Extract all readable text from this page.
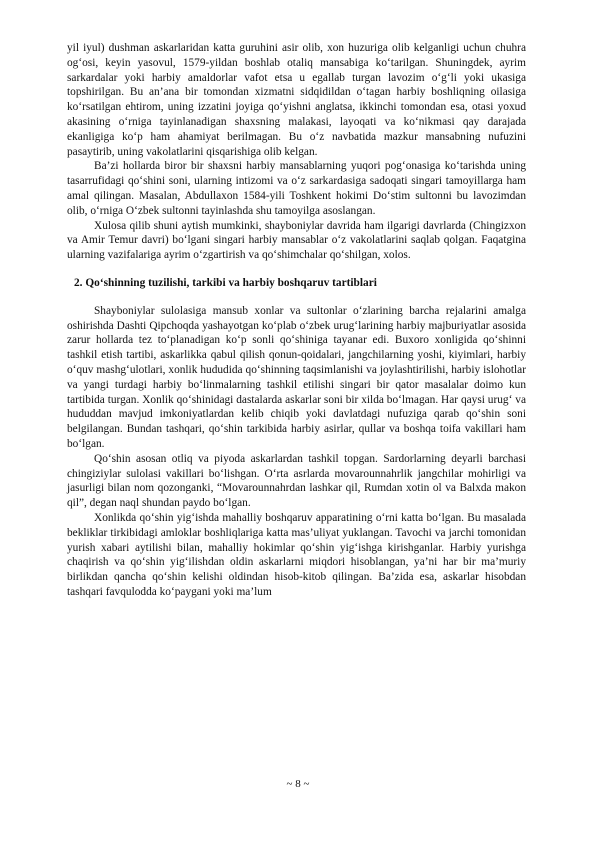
yil iyul) dushman askarlaridan katta guruhini asir olib, xon huzuriga olib kelganligi uchun chuhra og‘osi, keyin yasovul, 1579-yildan boshlab otaliq mansabiga ko‘tarilgan. Shuningdek, ayrim sarkardalar yoki harbiy amaldorlar vafot etsa u egallab turgan lavozim o‘g‘li yoki ukasiga topshirilgan. Bu an’ana bir tomondan xizmatni sidqidildan o‘tagan harbiy boshliqning oilasiga ko‘rsatilgan ehtirom, uning izzatini joyiga qo‘yishni anglatsa, ikkinchi tomondan esa, otasi yoxud akasining o‘rniga tayinlanadigan shaxsning malakasi, layoqati va ko‘nikmasi qay darajada ekanligiga ko‘p ham ahamiyat berilmagan. Bu o‘z navbatida mazkur mansabning nufuzini pasaytirib, uning vakolatlarini qisqarishiga olib kelgan.

Ba’zi hollarda biror bir shaxsni harbiy mansablarning yuqori pog‘onasiga ko‘tarishda uning tasarrufidagi qo‘shini soni, ularning intizomi va o‘z sarkardasiga sadoqati singari tamoyillarga ham amal qilingan. Masalan, Abdullaxon 1584-yili Toshkent hokimi Do‘stim sultonni bu lavozimdan olib, o‘rniga O‘zbek sultonni tayinlashda shu tamoyilga asoslangan.

Xulosa qilib shuni aytish mumkinki, shayboniylar davrida ham ilgarigi davrlarda (Chingizxon va Amir Temur davri) bo‘lgani singari harbiy mansablar o‘z vakolatlarini saqlab qolgan. Faqatgina ularning vazifalariga ayrim o‘zgartirish va qo‘shimchalar qo‘shilgan, xolos.

2. Qo‘shinning tuzilishi, tarkibi va harbiy boshqaruv tartiblari

Shayboniylar sulolasiga mansub xonlar va sultonlar o‘zlarining barcha rejalarini amalga oshirishda Dashti Qipchoqda yashayotgan ko‘plab o‘zbek urug‘larining harbiy majburiyatlar asosida zarur hollarda tez to‘planadigan ko‘p sonli qo‘shiniga tayanar edi. Buxoro xonligida qo‘shinni tashkil etish tartibi, askarlikka qabul qilish qonun-qoidalari, jangchilarning yoshi, kiyimlari, harbiy o‘quv mashg‘ulotlari, xonlik hududida qo‘shinning taqsimlanishi va joylashtirilishi, harbiy islohotlar va yangi turdagi harbiy bo‘linmalarning tashkil etilishi singari bir qator masalalar doimo kun tartibida turgan. Xonlik qo‘shinidagi dastalarda askarlar soni bir xilda bo‘lmagan. Har qaysi urug‘ va hududdan mavjud imkoniyatlardan kelib chiqib yoki davlatdagi nufuziga qarab qo‘shin soni belgilangan. Bundan tashqari, qo‘shin tarkibida harbiy asirlar, qullar va boshqa toifa vakillari ham bo‘lgan.

Qo‘shin asosan otliq va piyoda askarlardan tashkil topgan. Sardorlarning deyarli barchasi chingiziylar sulolasi vakillari bo‘lishgan. O‘rta asrlarda movarounnahrlik jangchilar mohirligi va jasurligi bilan nom qozonganki, “Movarounnahrdan lashkar qil, Rumdan xotin ol va Balxda makon qil”, degan naql shundan paydo bo‘lgan.

Xonlikda qo‘shin yig‘ishda mahalliy boshqaruv apparatining o‘rni katta bo‘lgan. Bu masalada bekliklar tirkibidagi amloklar boshliqlariga katta mas’uliyat yuklangan. Tavochi va jarchi tomonidan yurish xabari aytilishi bilan, mahalliy hokimlar qo‘shin yig‘ishga kirishganlar. Harbiy yurishga chaqirish va qo‘shin yig‘ilishdan oldin askarlarni miqdori hisoblangan, ya’ni har bir ma’muriy birlikdan qancha qo‘shin kelishi oldindan hisob-kitob qilingan. Ba’zida esa, askarlar hisobdan tashqari favqulodda ko‘paygani yoki ma’lum

~ 8 ~
